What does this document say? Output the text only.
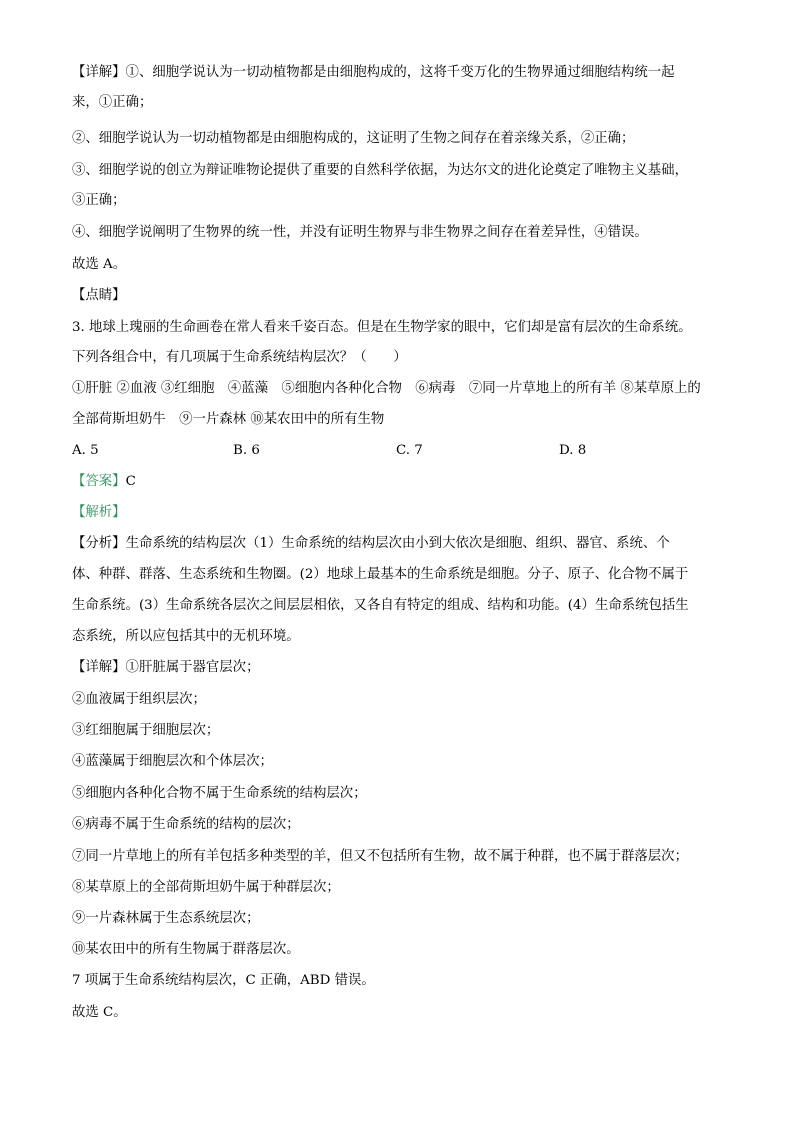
【详解】①、细胞学说认为一切动植物都是由细胞构成的，这将千变万化的生物界通过细胞结构统一起
来，①正确；
②、细胞学说认为一切动植物都是由细胞构成的，这证明了生物之间存在着亲缘关系，②正确；
③、细胞学说的创立为辩证唯物论提供了重要的自然科学依据，为达尔文的进化论奠定了唯物主义基础，
③正确；
④、细胞学说阐明了生物界的统一性，并没有证明生物界与非生物界之间存在着差异性，④错误。
故选 A。
【点睛】
3. 地球上瑰丽的生命画卷在常人看来千姿百态。但是在生物学家的眼中，它们却是富有层次的生命系统。
下列各组合中，有几项属于生命系统结构层次？（　　）
①肝脏 ②血液 ③红细胞　④蓝藻　⑤细胞内各种化合物　⑥病毒　⑦同一片草地上的所有羊 ⑧某草原上的
全部荷斯坦奶牛　⑨一片森林 ⑩某农田中的所有生物
A. 5	B. 6	C. 7	D. 8
【答案】C
【解析】
【分析】生命系统的结构层次（1）生命系统的结构层次由小到大依次是细胞、组织、器官、系统、个
体、种群、群落、生态系统和生物圈。(2）地球上最基本的生命系统是细胞。分子、原子、化合物不属于
生命系统。(3）生命系统各层次之间层层相依，又各自有特定的组成、结构和功能。(4）生命系统包括生
态系统，所以应包括其中的无机环境。
【详解】①肝脏属于器官层次；
②血液属于组织层次；
③红细胞属于细胞层次；
④蓝藻属于细胞层次和个体层次；
⑤细胞内各种化合物不属于生命系统的结构层次；
⑥病毒不属于生命系统的结构的层次；
⑦同一片草地上的所有羊包括多种类型的羊，但又不包括所有生物，故不属于种群，也不属于群落层次；
⑧某草原上的全部荷斯坦奶牛属于种群层次；
⑨一片森林属于生态系统层次；
⑩某农田中的所有生物属于群落层次。
7 项属于生命系统结构层次，C 正确，ABD 错误。
故选 C。
